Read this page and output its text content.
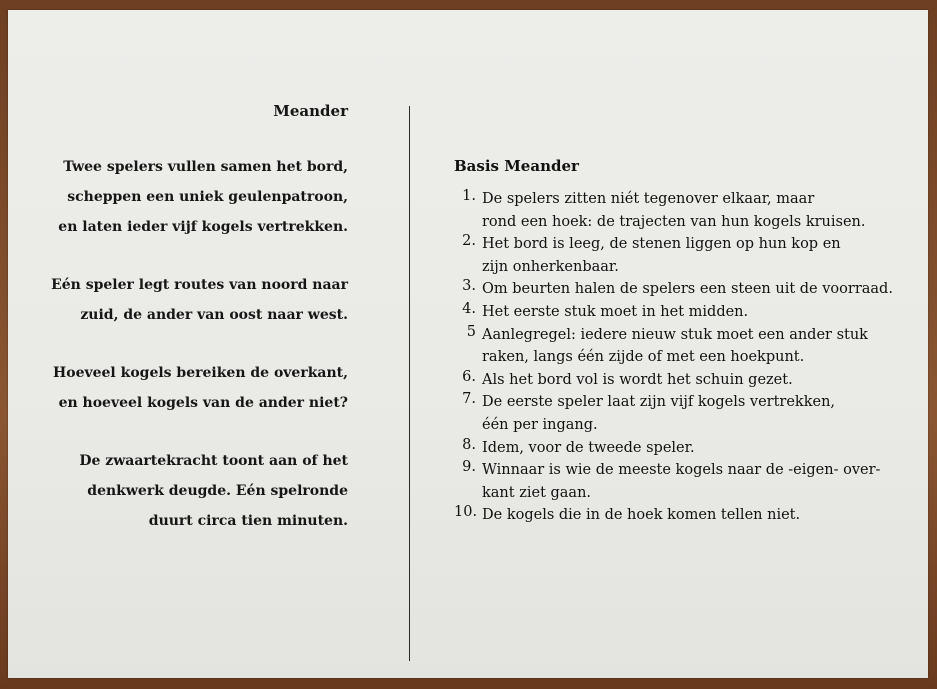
Meander
Twee spelers vullen samen het bord,
scheppen een uniek geulenpatroon,
en laten ieder vijf kogels vertrekken.
Eén speler legt routes van noord naar
zuid, de ander van oost naar west.
Hoeveel kogels bereiken de overkant,
en hoeveel kogels van de ander niet?
De zwaartekracht toont aan of het
denkwerk deugde. Eén spelronde
duurt circa tien minuten.
Basis Meander
1. De spelers zitten niét tegenover elkaar, maar
rond een hoek: de trajecten van hun kogels kruisen.
2. Het bord is leeg, de stenen liggen op hun kop en
zijn onherkenbaar.
3. Om beurten halen de spelers een steen uit de voorraad.
4. Het eerste stuk moet in het midden.
5 Aanlegregel: iedere nieuw stuk moet een ander stuk
raken, langs één zijde of met een hoekpunt.
6. Als het bord vol is wordt het schuin gezet.
7. De eerste speler laat zijn vijf kogels vertrekken,
één per ingang.
8. Idem, voor de tweede speler.
9. Winnaar is wie de meeste kogels naar de -eigen- over-
kant ziet gaan.
10. De kogels die in de hoek komen tellen niet.
